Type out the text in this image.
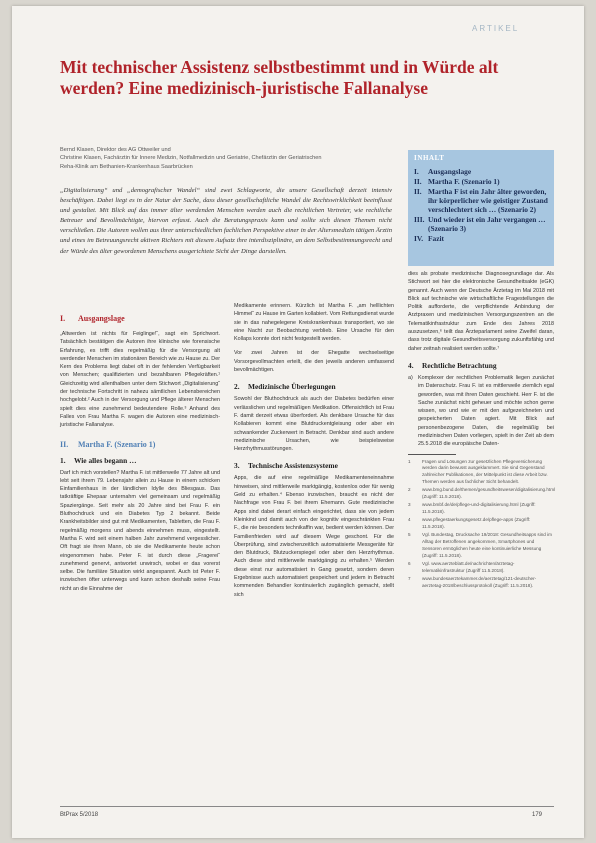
ARTIKEL
Mit technischer Assistenz selbstbestimmt und in Würde alt werden? Eine medizinisch-juristische Fallanalyse

Bernd Klasen, Direktor des AG Ottweiler und

Christine Klasen, Fachärztin für Innere Medizin, Notfallmedizin und Geriatrie, Chefärztin der Geriatrischen

Reha-Klinik am Bethanien-Krankenhaus Saarbrücken

„Digitalisierung“ und „demografischer Wandel“ sind zwei Schlagworte, die unsere Gesellschaft derzeit intensiv beschäftigen. Dabei liegt es in der Natur der Sache, dass dieser gesellschaftliche Wandel die Rechtswirklichkeit beeinflusst und gestaltet. Mit Blick auf das immer älter werdenden Menschen werden auch die rechtlichen Vertreter, wie rechtliche Betreuer und Bevollmächtigte, hiervon erfasst. Auch die Beratungspraxis kann und sollte sich diesen Themen nicht verschließen. Die Autoren wollen aus ihrer unterschiedlichen fachlichen Perspektive einer in der Altersmedizin tätigen Ärztin und eines im Betreuungsrecht aktiven Richters mit diesem Aufsatz ihre interdisziplinäre, an dem Selbstbestimmungsrecht und der Würde des älter gewordenen Menschens ausgerichtete Sicht der Dinge darstellen.

INHALT
I.	Ausgangslage
II. Martha F. (Szenario 1)
II. Martha F ist ein Jahr älter geworden, ihr körperlicher wie geistiger Zustand verschlechtert sich … (Szenario 2)
III. Und wieder ist ein Jahr vergangen … (Szenario 3)
IV. Fazit
I.	Ausgangslage

„Altwerden ist nichts für Feiglinge!“, sagt ein Sprichwort. Tatsächlich bestätigen die Autoren ihre klinische wie forensische Erfahrung, es trifft dies regelmäßig für die Versorgung alt werdender Menschen im stationären Bereich wie zu Hause zu. Der Kern des Problems liegt dabei oft in der fehlenden Verfügbarkeit von Menschen; qualifizierten und bezahlbaren Pflegekräften.¹ Gleichzeitig wird allenthalben unter dem Stichwort „Digitalisierung“ der technische Fortschritt in nahezu sämtlichen Lebensbereichen hochgelobt.² Auch in der Versorgung und Pflege älterer Menschen spielt dies eine zunehmend bedeutendere Rolle.³ Anhand des Falles von Frau Martha F. wagen die Autoren eine medizinisch-juristische Fallanalyse.

II.	Martha F. (Szenario 1)
1.	Wie alles begann …

Darf ich mich vorstellen? Martha F. ist mittlerweile 77 Jahre alt und lebt seit ihrem 79. Lebensjahr allein zu Hause in einem schicken Einfamilienhaus in der ländlichen Idylle des Bliesgaus. Das tatkräftige Ehepaar unternahm viel gemeinsam und regelmäßig Spaziergänge. Seit mehr als 20 Jahre sind bei Frau F. ein Bluthochdruck und ein Diabetes Typ 2 bekannt. Beide Krankheitsbilder sind gut mit Medikamenten, Tabletten, die Frau F. regelmäßig morgens und abends einnehmen muss, eingestellt. Martha F. wird seit einem halben Jahr zunehmend vergesslicher. Oft fragt sie ihren Mann, ob sie die Medikamente heute schon eingenommen habe. Peter F. ist durch diese „Fragerei“ zunehmend genervt, antwortet unwirsch, wobei er das vorerst selbe. Die familiäre Situation wirkt angespannt. Auch ist Peter F. inzwischen öfter unterwegs und kann schon deshalb seine Frau nicht an die Einnahme der

Medikamente erinnern. Kürzlich ist Martha F. „am helllichten Himmel“ zu Hause im Garten kollabiert. Vom Rettungsdienst wurde sie in das nahegelegene Kreiskrankenhaus transportiert, wo sie eine Nacht zur Beobachtung verblieb. Eine Ursache für den Kollaps konnte dort nicht festgestellt werden.

Vor zwei Jahren ist der Ehegatte wechselseitige Vorsorgevollmachten erteilt, die den jeweils anderen umfassend bevollmächtigen.

2.	Medizinische Überlegungen

Sowohl der Bluthochdruck als auch der Diabetes bedürfen einer verlässlichen und regelmäßigen Medikation. Offensichtlich ist Frau F. damit derzeit etwas überfordert. Als denkbare Ursache für das Kollabieren kommt eine Blutdruckentgleisung oder aber ein schwankender Zuckerwert in Betracht. Denkbar sind auch andere medizinische Ursachen, wie beispielsweise Herzrhythmusstörungen.

3.	Technische Assistenzsysteme

Apps, die auf eine regelmäßige Medikamenteneinnahme hinweisen, sind mittlerweile marktgängig, kostenlos oder für wenig Geld zu erhalten.⁴ Ebenso inzwischen, braucht es nicht der Nachfrage von Frau F. bei ihrem Ehemann. Gute medizinische Apps sind dabei derart einfach eingerichtet, dass sie von jedem Kleinkind und damit auch von der kognitiv eingeschränkten Frau F., die nie besonders technikaffin war, bedient werden können. Der Familienfrieden wird auf diesem Wege geschont. Für die Überprüfung, sind zwischenzeitlich automatisierte Messgeräte für den Blutdruck, Blutzuckerspiegel oder aber den Herzrhythmus. Auch diese sind mittlerweile marktgängig zu erhalten.⁵ Werden diese einst nur automatisiert in Gang gesetzt, sondern deren Ergebnisse auch automatisiert gespeichert und jedem in Betracht kommenden Behandler kontinuierlich zugänglich gemacht, stellt sich

dies als probate medizinische Diagnosegrundlage dar. Als Stichwort sei hier die elektronische Gesundheitsakte (eGK) genannt. Auch wenn der Deutsche Ärztetag im Mai 2018 mit Blick auf technische wie wirtschaftliche Fragestellungen die Politik aufforderte, die verpflichtende Anbindung der Arztpraxen und medizinischen Versorgungszentren an die Telematikinfrastruktur zum Ende des Jahres 2018 auszusetzen,⁶ teilt das Ärzteparlament seine Zweifel daran, dass trotz digitale Gesundheitsversorgung zukunftsfähig und daher zeitnah realisiert werden sollte.⁷

4.	Rechtliche Betrachtung
a) Komplexer der rechtlichen Problematik liegen zunächst im Datenschutz. Frau F. ist es mittlerweile ziemlich egal geworden, was mit ihren Daten geschieht. Herr F. ist die Sache zunächst nicht geheuer und möchte schon gerne wissen, wo und wie er mit den aufgezeichneten und gespeicherten Daten agiert. Mit Blick auf personenbezogene Daten, die regelmäßig bei medizinischen Daten vorliegen, spielt in der Zeit ab dem 25.5.2018 die europäische Daten-
1	Fragen und Lösungen zur gesetzlichen Pflegeversicherung werden darin bewusst ausgeklammert. Sie sind Gegenstand zahlreicher Publikationen, der Mittelpunkt ist diese Arbeit bzw. Themen werden aus fachlicher Sicht behandelt.
2	www.bmg.bund.de/themen/gesundheitswesen/digitalisierung.html (Zugriff: 11.5.2018).
3	www.bmbf.de/de/pflege-und-digitalisierung.html (Zugriff: 11.5.2018).
4	www.pflegestaerkungsgesetz.de/pflege-apps (Zugriff: 11.5.2018).
5	Vgl. Bundestag, Drucksache 19/2018: Gesundheitsapps sind im Alltag der Betroffenen angekommen, Smartphones und Sensoren ermöglichen heute eine kontinuierliche Messung (Zugriff: 11.5.2018).
6	Vgl. www.aerzteblatt.de/nachrichten/ärztetag-telematikinfrastruktur (Zugriff 11.5.2018).
7	www.bundesaerztekammer.de/aerztetag/121-deutscher-aerztetag-2018/beschlussprotokoll (Zugriff: 11.5.2018).
BtPrax 5/2018	179
